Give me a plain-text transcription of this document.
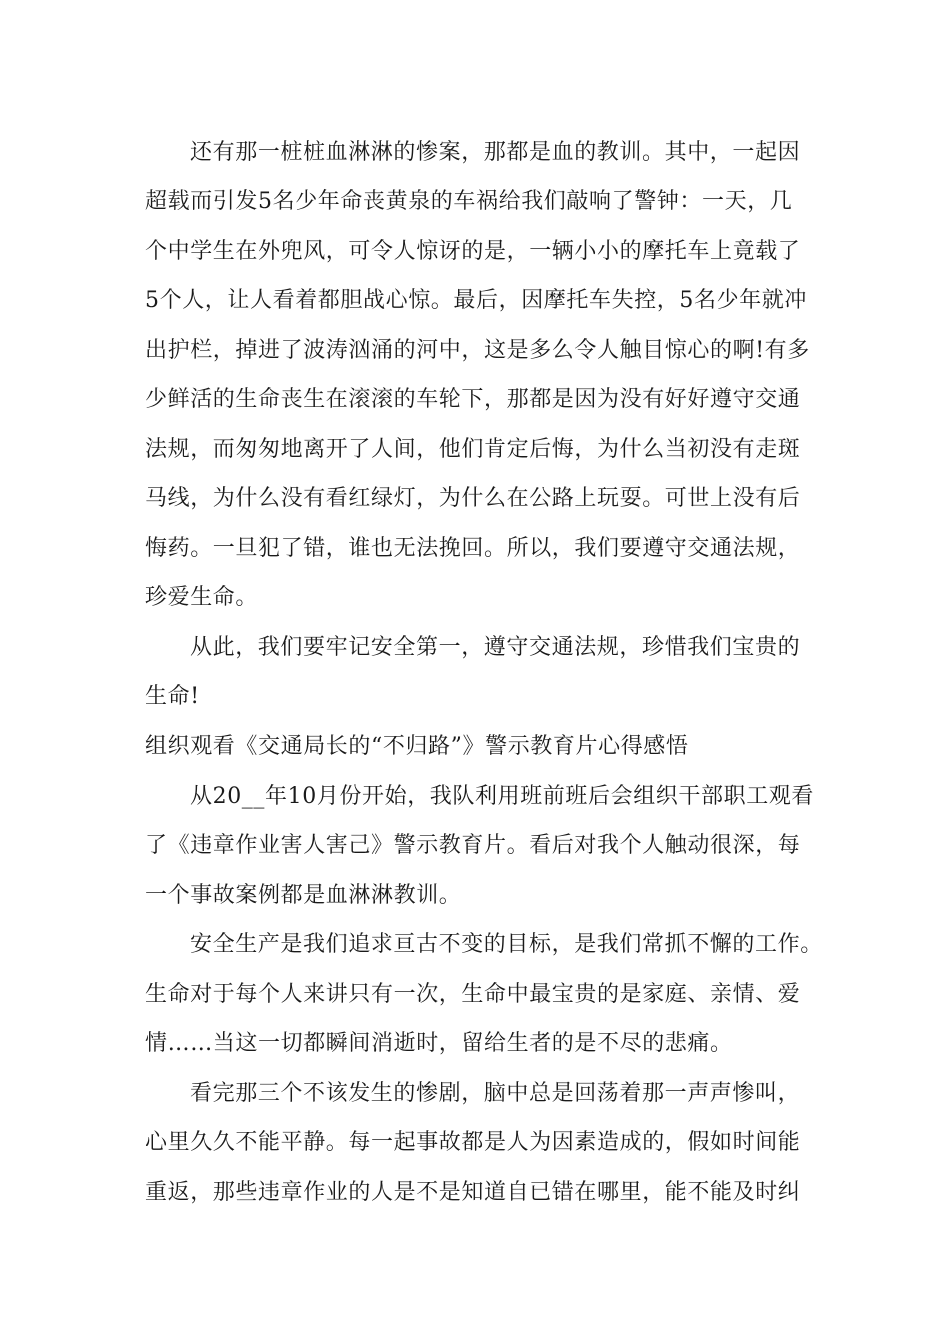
还有那一桩桩血淋淋的惨案，那都是血的教训。其中，一起因

超载而引发5名少年命丧黄泉的车祸给我们敲响了警钟：一天，几

个中学生在外兜风，可令人惊讶的是，一辆小小的摩托车上竟载了

5个人，让人看着都胆战心惊。最后，因摩托车失控，5名少年就冲

出护栏，掉进了波涛汹涌的河中，这是多么令人触目惊心的啊!有多

少鲜活的生命丧生在滚滚的车轮下，那都是因为没有好好遵守交通

法规，而匆匆地离开了人间，他们肯定后悔，为什么当初没有走斑

马线，为什么没有看红绿灯，为什么在公路上玩耍。可世上没有后

悔药。一旦犯了错，谁也无法挽回。所以，我们要遵守交通法规，

珍爱生命。

从此，我们要牢记安全第一，遵守交通法规，珍惜我们宝贵的

生命!

组织观看《交通局长的“不归路”》警示教育片心得感悟

从20__年10月份开始，我队利用班前班后会组织干部职工观看

了《违章作业害人害己》警示教育片。看后对我个人触动很深，每

一个事故案例都是血淋淋教训。

安全生产是我们追求亘古不变的目标，是我们常抓不懈的工作。

生命对于每个人来讲只有一次，生命中最宝贵的是家庭、亲情、爱

情……当这一切都瞬间消逝时，留给生者的是不尽的悲痛。

看完那三个不该发生的惨剧，脑中总是回荡着那一声声惨叫，

心里久久不能平静。每一起事故都是人为因素造成的，假如时间能

重返，那些违章作业的人是不是知道自已错在哪里，能不能及时纠
